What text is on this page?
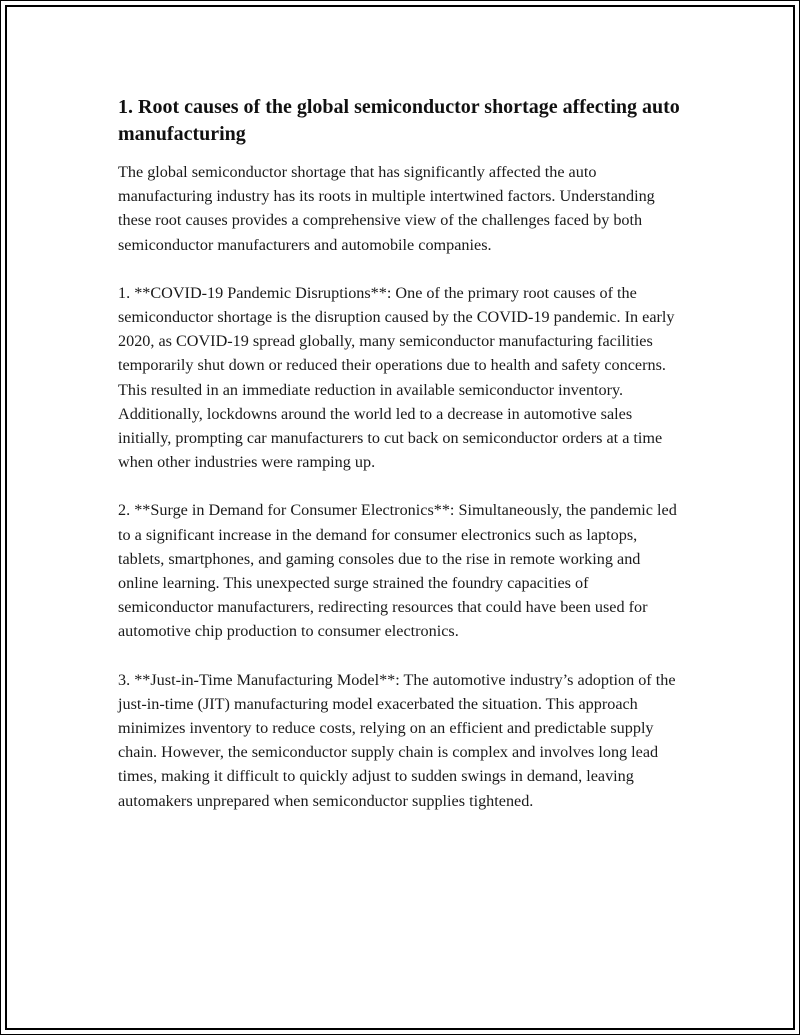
1. Root causes of the global semiconductor shortage affecting auto manufacturing

The global semiconductor shortage that has significantly affected the auto manufacturing industry has its roots in multiple intertwined factors. Understanding these root causes provides a comprehensive view of the challenges faced by both semiconductor manufacturers and automobile companies.

1. **COVID-19 Pandemic Disruptions**: One of the primary root causes of the semiconductor shortage is the disruption caused by the COVID-19 pandemic. In early 2020, as COVID-19 spread globally, many semiconductor manufacturing facilities temporarily shut down or reduced their operations due to health and safety concerns. This resulted in an immediate reduction in available semiconductor inventory. Additionally, lockdowns around the world led to a decrease in automotive sales initially, prompting car manufacturers to cut back on semiconductor orders at a time when other industries were ramping up.

2. **Surge in Demand for Consumer Electronics**: Simultaneously, the pandemic led to a significant increase in the demand for consumer electronics such as laptops, tablets, smartphones, and gaming consoles due to the rise in remote working and online learning. This unexpected surge strained the foundry capacities of semiconductor manufacturers, redirecting resources that could have been used for automotive chip production to consumer electronics.

3. **Just-in-Time Manufacturing Model**: The automotive industry’s adoption of the just-in-time (JIT) manufacturing model exacerbated the situation. This approach minimizes inventory to reduce costs, relying on an efficient and predictable supply chain. However, the semiconductor supply chain is complex and involves long lead times, making it difficult to quickly adjust to sudden swings in demand, leaving automakers unprepared when semiconductor supplies tightened.
